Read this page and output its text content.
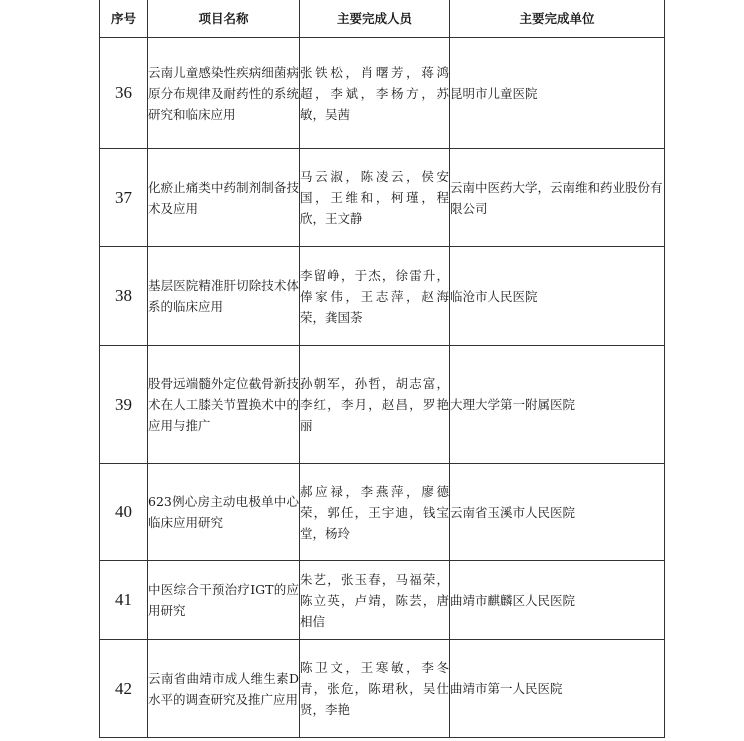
序号	项目名称	主要完成人员	主要完成单位
36	云南儿童感染性疾病细菌病原分布规律及耐药性的系统研究和临床应用	张铁松，肖曙芳，蒋鸿超，李斌，李杨方，苏敏，吴茜	昆明市儿童医院
37	化瘀止痛类中药制剂制备技术及应用	马云淑，陈凌云，侯安国，王维和，柯瑾，程欣，王文静	云南中医药大学，云南维和药业股份有限公司
38	基层医院精准肝切除技术体系的临床应用	李留峥，于杰，徐雷升，俸家伟，王志萍，赵海荣，龚国荼	临沧市人民医院
39	股骨远端髓外定位截骨新技术在人工膝关节置换术中的应用与推广	孙朝军，孙哲，胡志富，李红，李月，赵昌，罗艳丽	大理大学第一附属医院
40	623例心房主动电极单中心临床应用研究	郝应禄，李燕萍，廖德荣，郭任，王宇迪，钱宝堂，杨玲	云南省玉溪市人民医院
41	中医综合干预治疗IGT的应用研究	朱艺，张玉春，马福荣，陈立英，卢靖，陈芸，唐相信	曲靖市麒麟区人民医院
42	云南省曲靖市成人维生素D水平的调查研究及推广应用	陈卫文，王寒敏，李冬青，张危，陈珺秋，吴仕贤，李艳	曲靖市第一人民医院
